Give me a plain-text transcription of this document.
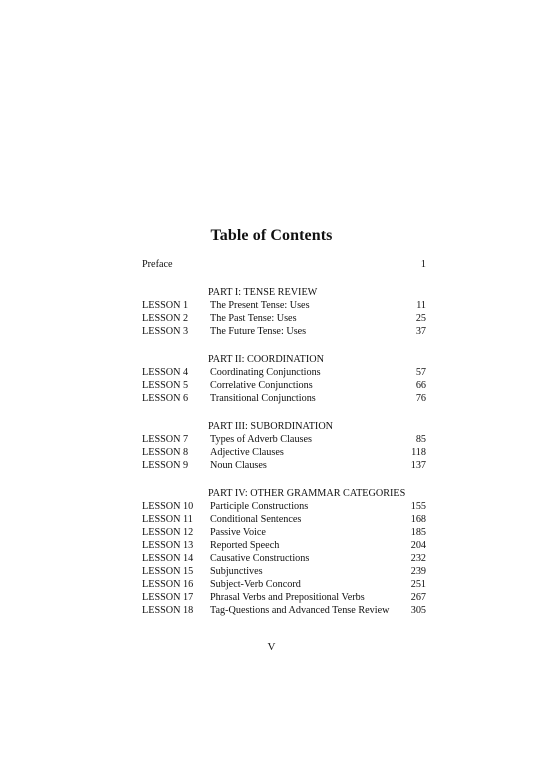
Table of Contents
Preface	1
PART I: TENSE REVIEW
LESSON 1 The Present Tense: Uses	11
LESSON 2 The Past Tense: Uses	25
LESSON 3 The Future Tense: Uses	37
PART II: COORDINATION
LESSON 4 Coordinating Conjunctions	57
LESSON 5 Correlative Conjunctions	66
LESSON 6 Transitional Conjunctions	76
PART III: SUBORDINATION
LESSON 7 Types of Adverb Clauses	85
LESSON 8 Adjective Clauses	118
LESSON 9 Noun Clauses	137
PART IV: OTHER GRAMMAR CATEGORIES
LESSON 10 Participle Constructions	155
LESSON 11 Conditional Sentences	168
LESSON 12 Passive Voice	185
LESSON 13 Reported Speech	204
LESSON 14 Causative Constructions	232
LESSON 15 Subjunctives	239
LESSON 16 Subject-Verb Concord	251
LESSON 17 Phrasal Verbs and Prepositional Verbs	267
LESSON 18 Tag-Questions and Advanced Tense Review 305
V
